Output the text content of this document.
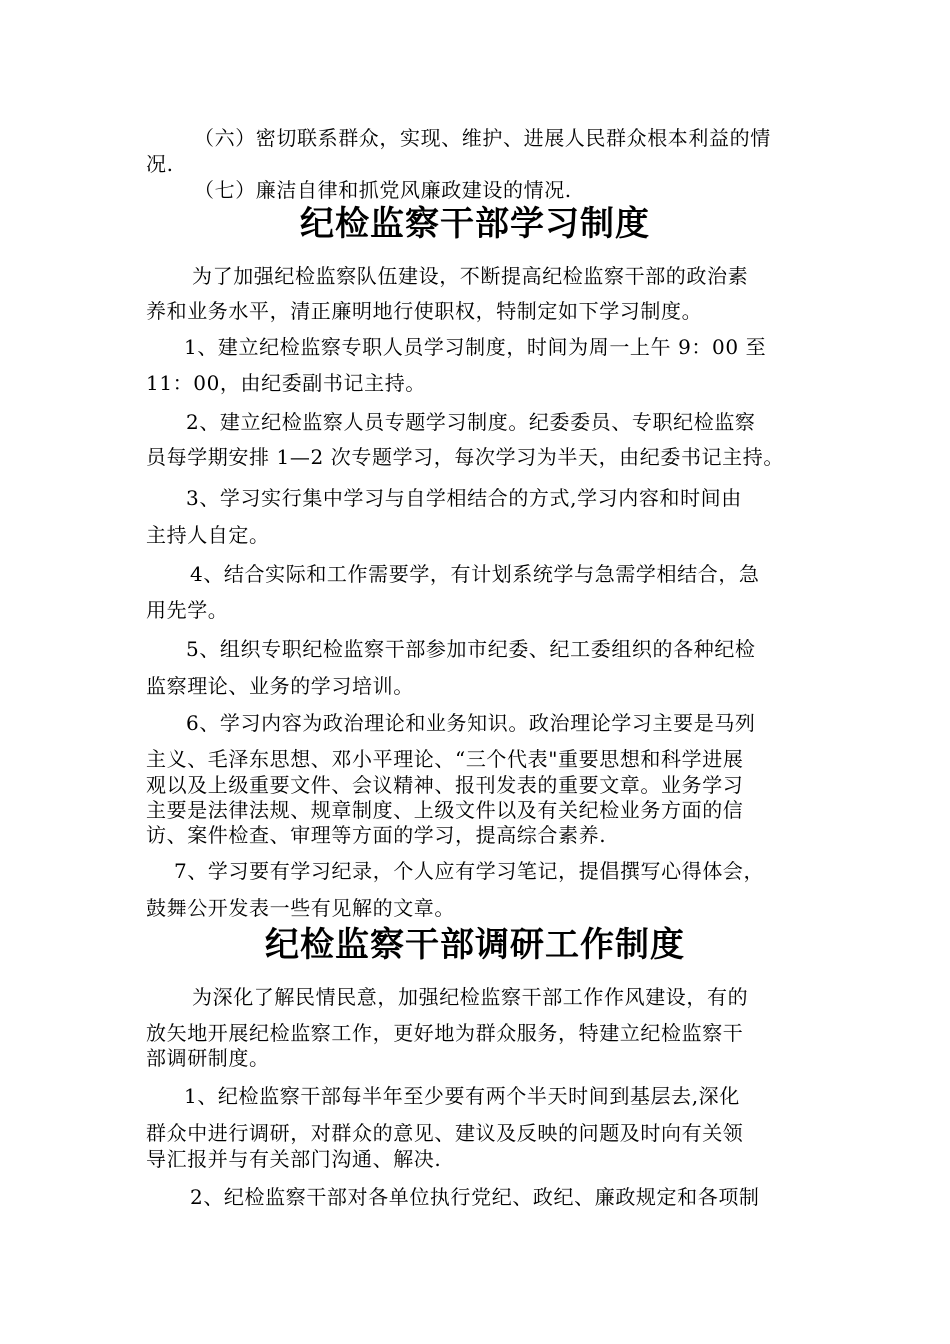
（六）密切联系群众，实现、维护、进展人民群众根本利益的情
况.
（七）廉洁自律和抓党风廉政建设的情况.
纪检监察干部学习制度
为了加强纪检监察队伍建设，不断提高纪检监察干部的政治素
养和业务水平，清正廉明地行使职权，特制定如下学习制度。
1、建立纪检监察专职人员学习制度，时间为周一上午 9：00 至
11：00，由纪委副书记主持。
2、建立纪检监察人员专题学习制度。纪委委员、专职纪检监察
员每学期安排 1—2 次专题学习，每次学习为半天，由纪委书记主持。
3、学习实行集中学习与自学相结合的方式,学习内容和时间由
主持人自定。
4、结合实际和工作需要学，有计划系统学与急需学相结合，急
用先学。
5、组织专职纪检监察干部参加市纪委、纪工委组织的各种纪检
监察理论、业务的学习培训。
6、学习内容为政治理论和业务知识。政治理论学习主要是马列
主义、毛泽东思想、邓小平理论、“三个代表"重要思想和科学进展
观以及上级重要文件、会议精神、报刊发表的重要文章。业务学习
主要是法律法规、规章制度、上级文件以及有关纪检业务方面的信
访、案件检查、审理等方面的学习，提高综合素养.
7、学习要有学习纪录，个人应有学习笔记，提倡撰写心得体会，
鼓舞公开发表一些有见解的文章。
纪检监察干部调研工作制度
为深化了解民情民意，加强纪检监察干部工作作风建设，有的
放矢地开展纪检监察工作，更好地为群众服务，特建立纪检监察干
部调研制度。
1、纪检监察干部每半年至少要有两个半天时间到基层去,深化
群众中进行调研，对群众的意见、建议及反映的问题及时向有关领
导汇报并与有关部门沟通、解决.
2、纪检监察干部对各单位执行党纪、政纪、廉政规定和各项制
